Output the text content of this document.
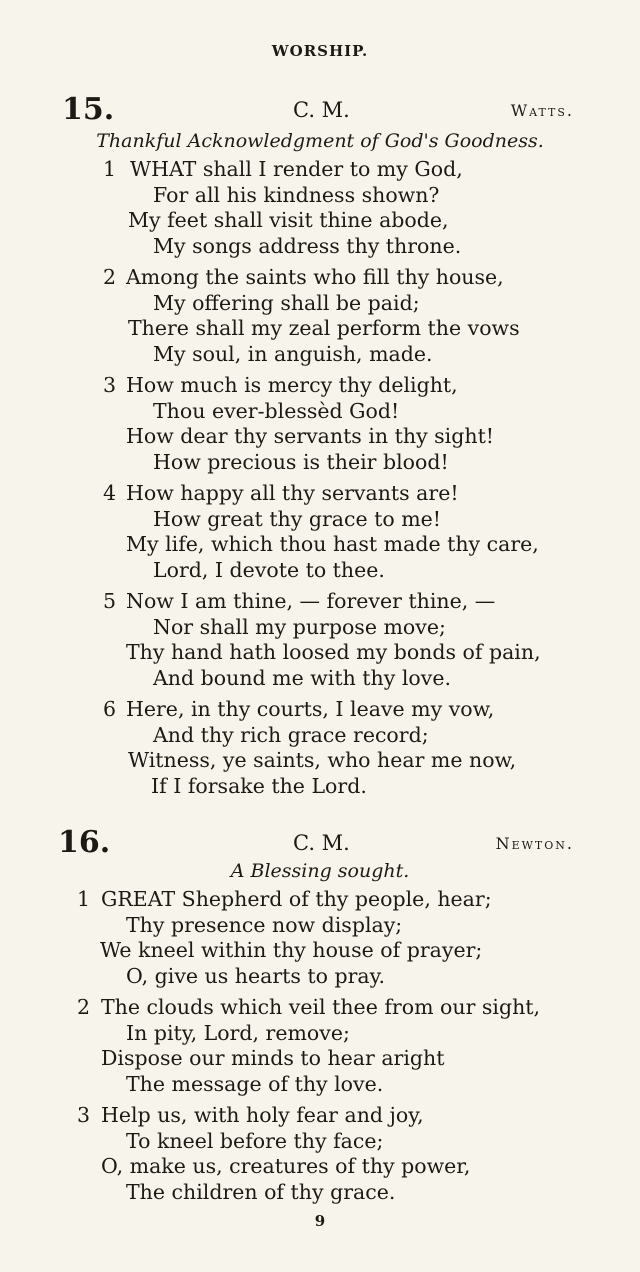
WORSHIP.
15.	C. M.	Watts.
Thankful Acknowledgment of God's Goodness.
1 WHAT shall I render to my God,
For all his kindness shown?
My feet shall visit thine abode,
My songs address thy throne.
2 Among the saints who fill thy house,
My offering shall be paid;
There shall my zeal perform the vows
My soul, in anguish, made.
3 How much is mercy thy delight,
Thou ever-blessèd God!
How dear thy servants in thy sight!
How precious is their blood!
4 How happy all thy servants are!
How great thy grace to me!
My life, which thou hast made thy care,
Lord, I devote to thee.
5 Now I am thine, — forever thine, —
Nor shall my purpose move;
Thy hand hath loosed my bonds of pain,
And bound me with thy love.
6 Here, in thy courts, I leave my vow,
And thy rich grace record;
Witness, ye saints, who hear me now,
If I forsake the Lord.
16.	C. M.	Newton.
A Blessing sought.
1 GREAT Shepherd of thy people, hear;
Thy presence now display;
We kneel within thy house of prayer;
O, give us hearts to pray.
2 The clouds which veil thee from our sight,
In pity, Lord, remove;
Dispose our minds to hear aright
The message of thy love.
3 Help us, with holy fear and joy,
To kneel before thy face;
O, make us, creatures of thy power,
The children of thy grace.
9
